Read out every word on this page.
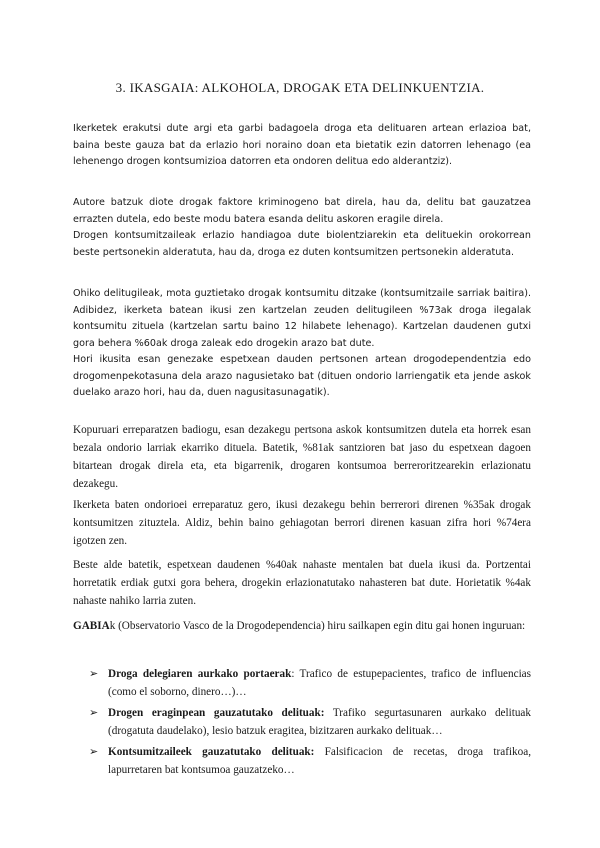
3. IKASGAIA: ALKOHOLA, DROGAK ETA DELINKUENTZIA.

Ikerketek erakutsi dute argi eta garbi badagoela droga eta delituaren artean erlazioa bat, baina beste gauza bat da erlazio hori noraino doan eta bietatik ezin datorren lehenago (ea lehenengo drogen kontsumizioa datorren eta ondoren delitua edo alderantziz).

Autore batzuk diote drogak faktore kriminogeno bat direla, hau da, delitu bat gauzatzea errazten dutela, edo beste modu batera esanda delitu askoren eragile direla.

Drogen kontsumitzaileak erlazio handiagoa dute biolentziarekin eta delituekin orokorrean beste pertsonekin alderatuta, hau da, droga ez duten kontsumitzen pertsonekin alderatuta.

Ohiko delitugileak, mota guztietako drogak kontsumitu ditzake (kontsumitzaile sarriak baitira). Adibidez, ikerketa batean ikusi zen kartzelan zeuden delitugileen %73ak droga ilegalak kontsumitu zituela (kartzelan sartu baino 12 hilabete lehenago). Kartzelan daudenen gutxi gora behera %60ak droga zaleak edo drogekin arazo bat dute.

Hori ikusita esan genezake espetxean dauden pertsonen artean drogodependentzia edo drogomenpekotasuna dela arazo nagusietako bat (dituen ondorio larriengatik eta jende askok duelako arazo hori, hau da, duen nagusitasunagatik).

Kopuruari erreparatzen badiogu, esan dezakegu pertsona askok kontsumitzen dutela eta horrek esan bezala ondorio larriak ekarriko dituela. Batetik, %81ak santzioren bat jaso du espetxean dagoen bitartean drogak direla eta, eta bigarrenik, drogaren kontsumoa berreroritzearekin erlazionatu dezakegu.

Ikerketa baten ondorioei erreparatuz gero, ikusi dezakegu behin berrerori direnen %35ak drogak kontsumitzen zituztela. Aldiz, behin baino gehiagotan berrori direnen kasuan zifra hori %74era igotzen zen.

Beste alde batetik, espetxean daudenen %40ak nahaste mentalen bat duela ikusi da. Portzentai horretatik erdiak gutxi gora behera, drogekin erlazionatutako nahasteren bat dute. Horietatik %4ak nahaste nahiko larria zuten.

GABIAk (Observatorio Vasco de la Drogodependencia) hiru sailkapen egin ditu gai honen inguruan:

➢ Droga delegiaren aurkako portaerak: Trafico de estupepacientes, trafico de influencias (como el soborno, dinero…)…
➢ Drogen eraginpean gauzatutako delituak: Trafiko segurtasunaren aurkako delituak (drogatuta daudelako), lesio batzuk eragitea, bizitzaren aurkako delituak…
➢ Kontsumitzaileek gauzatutako delituak: Falsificacion de recetas, droga trafikoa, lapurretaren bat kontsumoa gauzatzeko…
